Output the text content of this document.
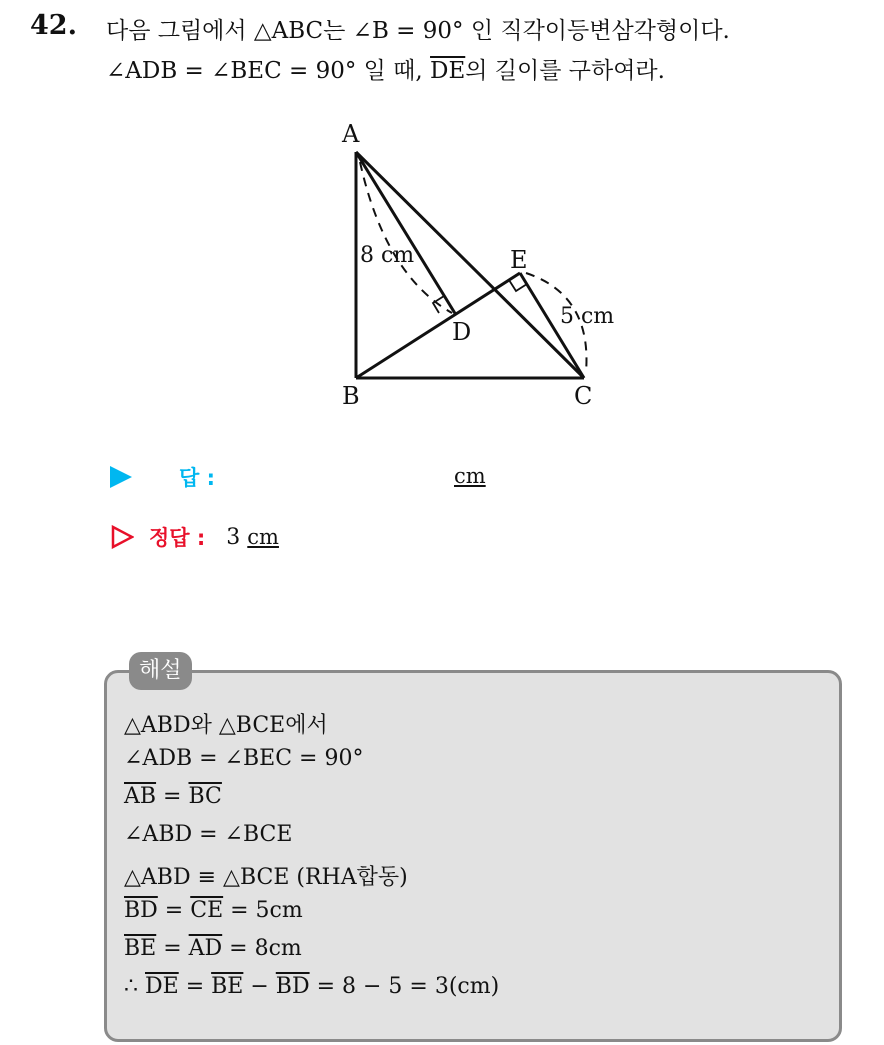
42. 다음 그림에서 △ABC는 ∠B = 90° 인 직각이등변삼각형이다.
∠ADB = ∠BEC = 90° 일 때, $\overline{DE}$의 길이를 구하여라.
A
B	C
D
E
8 cm
5 cm
답 :	cm
정답 : 3 cm
해설
△ABD와 △BCE에서
∠ADB = ∠BEC = 90°
$\overline{AB} = \overline{BC}$
∠ABD = ∠BCE
△ABD ≡ △BCE (RHA합동)
$\overline{BD} = \overline{CE} = 5cm$
$\overline{BE} = \overline{AD} = 8cm$
∴ $\overline{DE} = \overline{BE} - \overline{BD} = 8 - 5 = 3(cm)$
